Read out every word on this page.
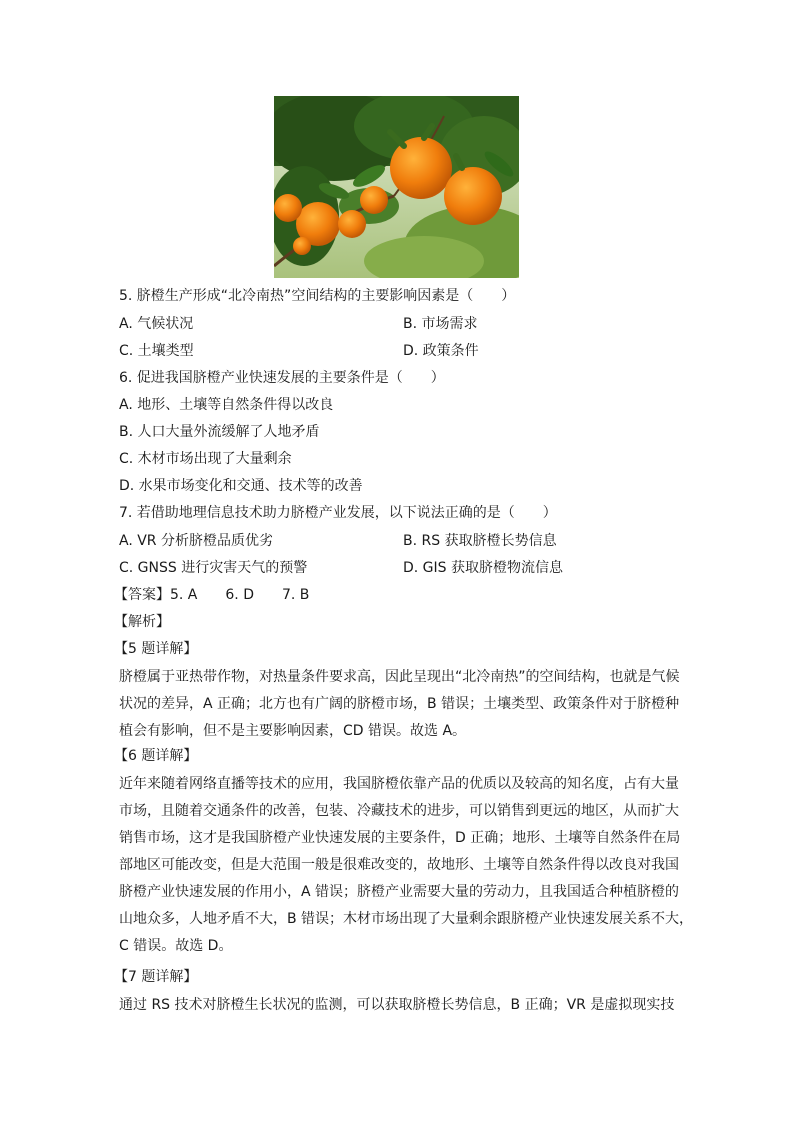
5. 脐橙生产形成“北冷南热”空间结构的主要影响因素是（　　）
A. 气候状况	B. 市场需求
C. 土壤类型	D. 政策条件
6. 促进我国脐橙产业快速发展的主要条件是（　　）
A. 地形、土壤等自然条件得以改良
B. 人口大量外流缓解了人地矛盾
C. 木材市场出现了大量剩余
D. 水果市场变化和交通、技术等的改善
7. 若借助地理信息技术助力脐橙产业发展，以下说法正确的是（　　）
A. VR 分析脐橙品质优劣	B. RS 获取脐橙长势信息
C. GNSS 进行灾害天气的预警	D. GIS 获取脐橙物流信息
【答案】5. A　　6. D　　7. B
【解析】
【5 题详解】
脐橙属于亚热带作物，对热量条件要求高，因此呈现出“北冷南热”的空间结构，也就是气候
状况的差异，A 正确；北方也有广阔的脐橙市场，B 错误；土壤类型、政策条件对于脐橙种
植会有影响，但不是主要影响因素，CD 错误。故选 A。
【6 题详解】
近年来随着网络直播等技术的应用，我国脐橙依靠产品的优质以及较高的知名度，占有大量
市场，且随着交通条件的改善，包装、冷藏技术的进步，可以销售到更远的地区，从而扩大
销售市场，这才是我国脐橙产业快速发展的主要条件，D 正确；地形、土壤等自然条件在局
部地区可能改变，但是大范围一般是很难改变的，故地形、土壤等自然条件得以改良对我国
脐橙产业快速发展的作用小，A 错误；脐橙产业需要大量的劳动力，且我国适合种植脐橙的
山地众多，人地矛盾不大，B 错误；木材市场出现了大量剩余跟脐橙产业快速发展关系不大，
C 错误。故选 D。
【7 题详解】
通过 RS 技术对脐橙生长状况的监测，可以获取脐橙长势信息，B 正确；VR 是虚拟现实技
